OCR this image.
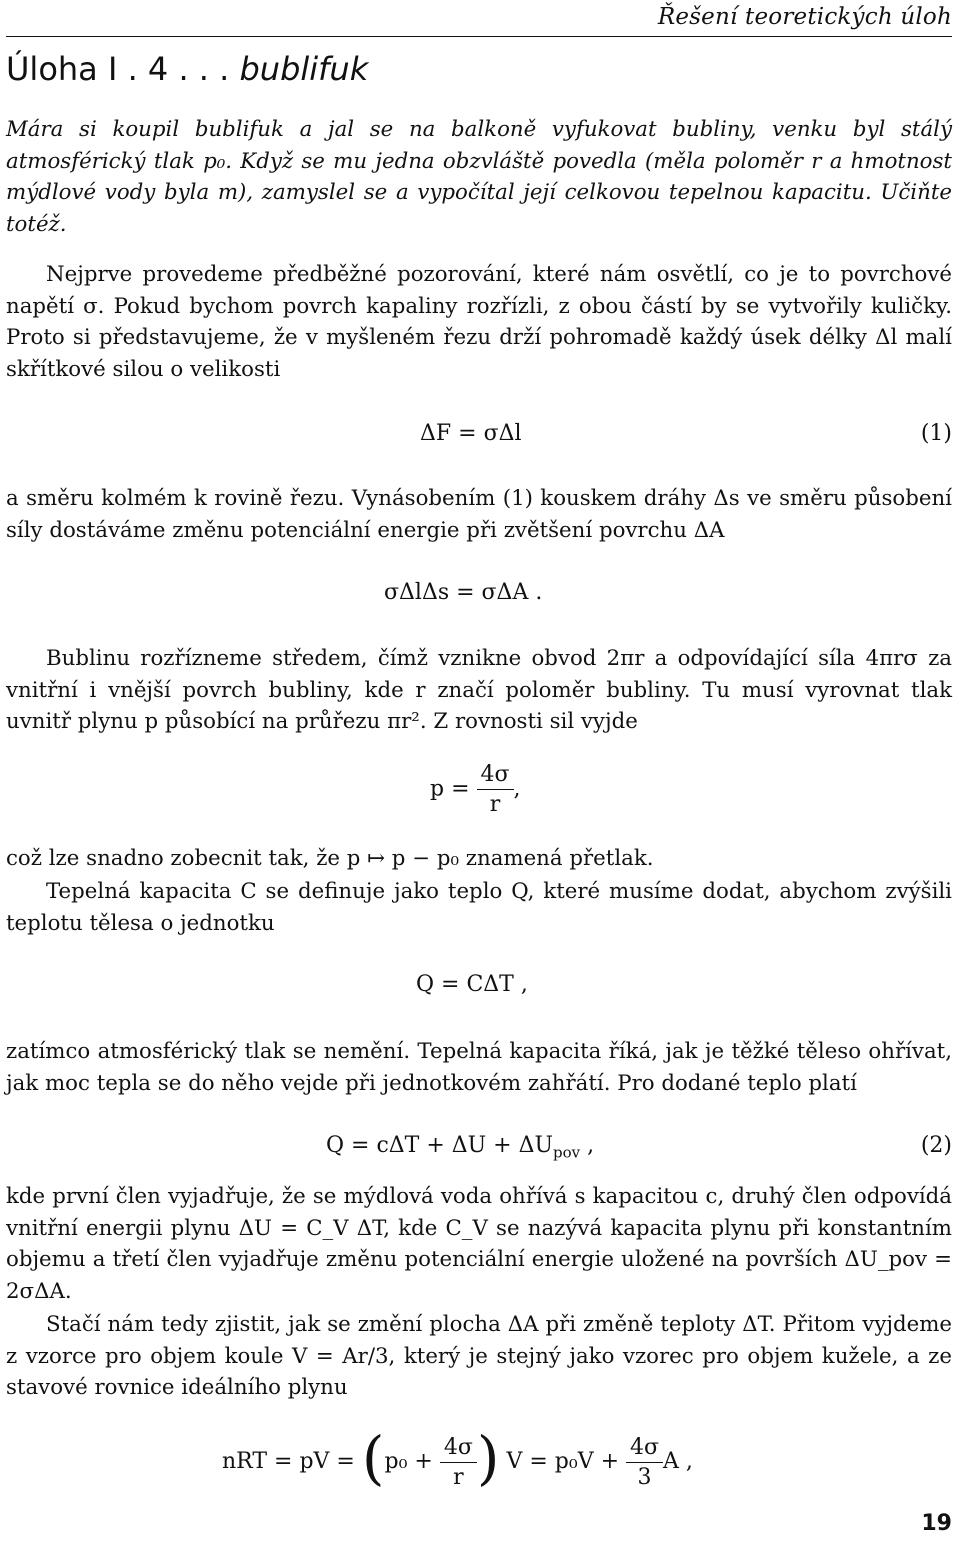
Řešení teoretických úloh
Úloha I . 4 . . . bublifuk
Mára si koupil bublifuk a jal se na balkoně vyfukovat bubliny, venku byl stálý atmosférický tlak p₀. Když se mu jedna obzvláště povedla (měla poloměr r a hmotnost mýdlové vody byla m), zamyslel se a vypočítal její celkovou tepelnou kapacitu. Učiňte totéž.
Nejprve provedeme předběžné pozorování, které nám osvětlí, co je to povrchové napětí σ. Pokud bychom povrch kapaliny rozřízli, z obou částí by se vytvořily kuličky. Proto si představujeme, že v myšleném řezu drží pohromadě každý úsek délky Δl malí skřítkové silou o velikosti
ΔF = σΔl	(1)
a směru kolmém k rovině řezu. Vynásobením (1) kouskem dráhy Δs ve směru působení síly dostáváme změnu potenciální energie při zvětšení povrchu ΔA
σΔlΔs = σΔA .
Bublinu rozřízneme středem, čímž vznikne obvod 2πr a odpovídající síla 4πrσ za vnitřní i vnější povrch bubliny, kde r značí poloměr bubliny. Tu musí vyrovnat tlak uvnitř plynu p působící na průřezu πr². Z rovnosti sil vyjde
$p = \frac{4\sigma}{r}$ ,
což lze snadno zobecnit tak, že p ↦ p − p₀ znamená přetlak.
Tepelná kapacita C se definuje jako teplo Q, které musíme dodat, abychom zvýšili teplotu tělesa o jednotku
Q = CΔT ,
zatímco atmosférický tlak se nemění. Tepelná kapacita říká, jak je těžké těleso ohřívat, jak moc tepla se do něho vejde při jednotkovém zahřátí. Pro dodané teplo platí
$Q = c\Delta T + \Delta U + \Delta U_{pov}$ ,	(2)
kde první člen vyjadřuje, že se mýdlová voda ohřívá s kapacitou c, druhý člen odpovídá vnitřní energii plynu ΔU = C_V ΔT, kde C_V se nazývá kapacita plynu při konstantním objemu a třetí člen vyjadřuje změnu potenciální energie uložené na površích ΔU_pov = 2σΔA.
Stačí nám tedy zjistit, jak se změní plocha ΔA při změně teploty ΔT. Přitom vyjdeme z vzorce pro objem koule V = Ar/3, který je stejný jako vzorec pro objem kužele, a ze stavové rovnice ideálního plynu
nRT = pV = ($p_0 + \frac{4\sigma}{r}$ ) $V = p_0V + \frac{4\sigma}{3}$ A ,
19
